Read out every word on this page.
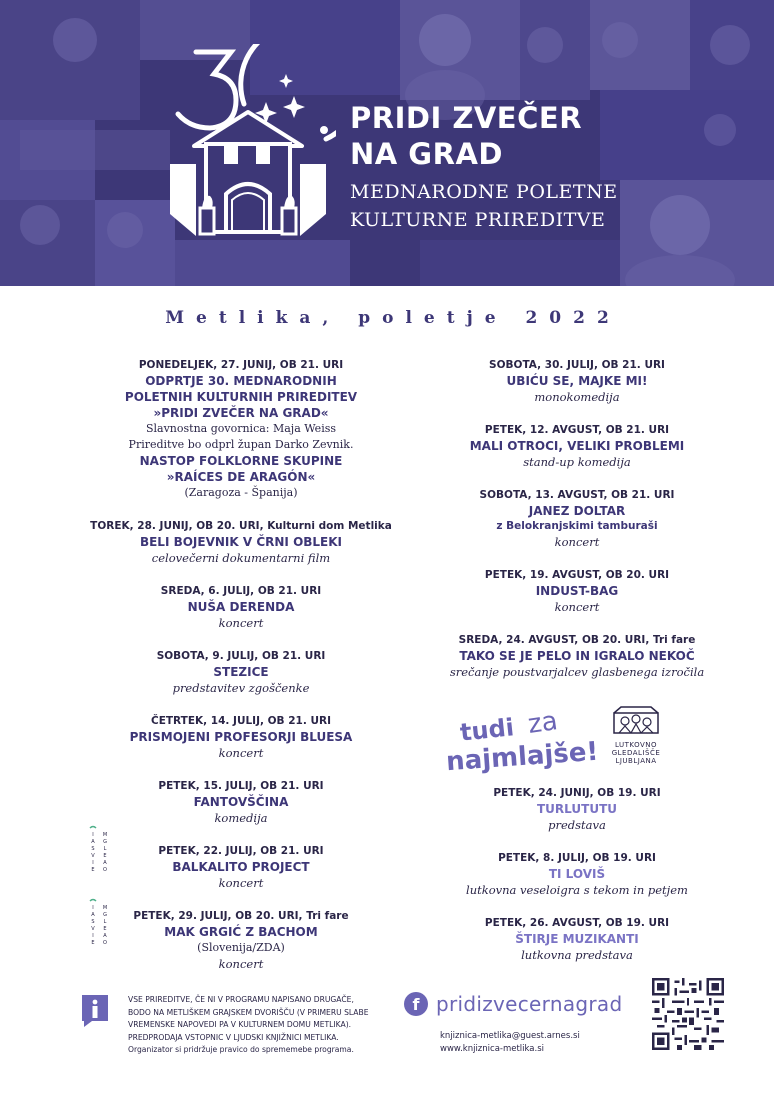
PRIDI ZVEČER
NA GRAD
MEDNARODNE POLETNE
KULTURNE PRIREDITVE
Metlika, poletje 2022
PONEDELJEK, 27. JUNIJ, OB 21. URI
ODPRTJE 30. MEDNARODNIH
POLETNIH KULTURNIH PRIREDITEV
»PRIDI ZVEČER NA GRAD«
Slavnostna govornica: Maja Weiss
Prireditve bo odprl župan Darko Zevnik.
NASTOP FOLKLORNE SKUPINE
»RAÍCES DE ARAGÓN«
(Zaragoza - Španija)
TOREK, 28. JUNIJ, OB 20. URI, Kulturni dom Metlika
BELI BOJEVNIK V ČRNI OBLEKI
celovečerni dokumentarni film
SREDA, 6. JULIJ, OB 21. URI
NUŠA DERENDA
koncert
SOBOTA, 9. JULIJ, OB 21. URI
STEZICE
predstavitev zgoščenke
ČETRTEK, 14. JULIJ, OB 21. URI
PRISMOJENI PROFESORJI BLUESA
koncert
PETEK, 15. JULIJ, OB 21. URI
FANTOVŠČINA
komedija
PETEK, 22. JULIJ, OB 21. URI
BALKALITO PROJECT
koncert
PETEK, 29. JULIJ, OB 20. URI, Tri fare
MAK GRGIĆ Z BACHOM
(Slovenija/ZDA)
koncert
I
A
S
V
I
E
M
G
L
E
A
O
I
A
S
V
I
E
M
G
L
E
A
O
SOBOTA, 30. JULIJ, OB 21. URI
UBIĆU SE, MAJKE MI!
monokomedija
PETEK, 12. AVGUST, OB 21. URI
MALI OTROCI, VELIKI PROBLEMI
stand-up komedija
SOBOTA, 13. AVGUST, OB 21. URI
JANEZ DOLTAR
z Belokranjskimi tamburaši
koncert
PETEK, 19. AVGUST, OB 20. URI
INDUST-BAG
koncert
SREDA, 24. AVGUST, OB 20. URI, Tri fare
TAKO SE JE PELO IN IGRALO NEKOČ
srečanje poustvarjalcev glasbenega izročila
tudi za
najmlajše!	LUTKOVNO
GLEDALIŠČE
LJUBLJANA
PETEK, 24. JUNIJ, OB 19. URI
TURLUTUTU
predstava
PETEK, 8. JULIJ, OB 19. URI
TI LOVIŠ
lutkovna veseloigra s tekom in petjem
PETEK, 26. AVGUST, OB 19. URI
ŠTIRJE MUZIKANTI
lutkovna predstava
VSE PRIREDITVE, ČE NI V PROGRAMU NAPISANO DRUGAČE,
BODO NA METLIŠKEM GRAJSKEM DVORIŠČU (V PRIMERU SLABE
VREMENSKE NAPOVEDI PA V KULTURNEM DOMU METLIKA).
PREDPRODAJA VSTOPNIC V LJUDSKI KNJIŽNICI METLIKA.
Organizator si pridržuje pravico do sprememebe programa.
f pridizvecernagrad
knjiznica-metlika@guest.arnes.si
www.knjiznica-metlika.si
